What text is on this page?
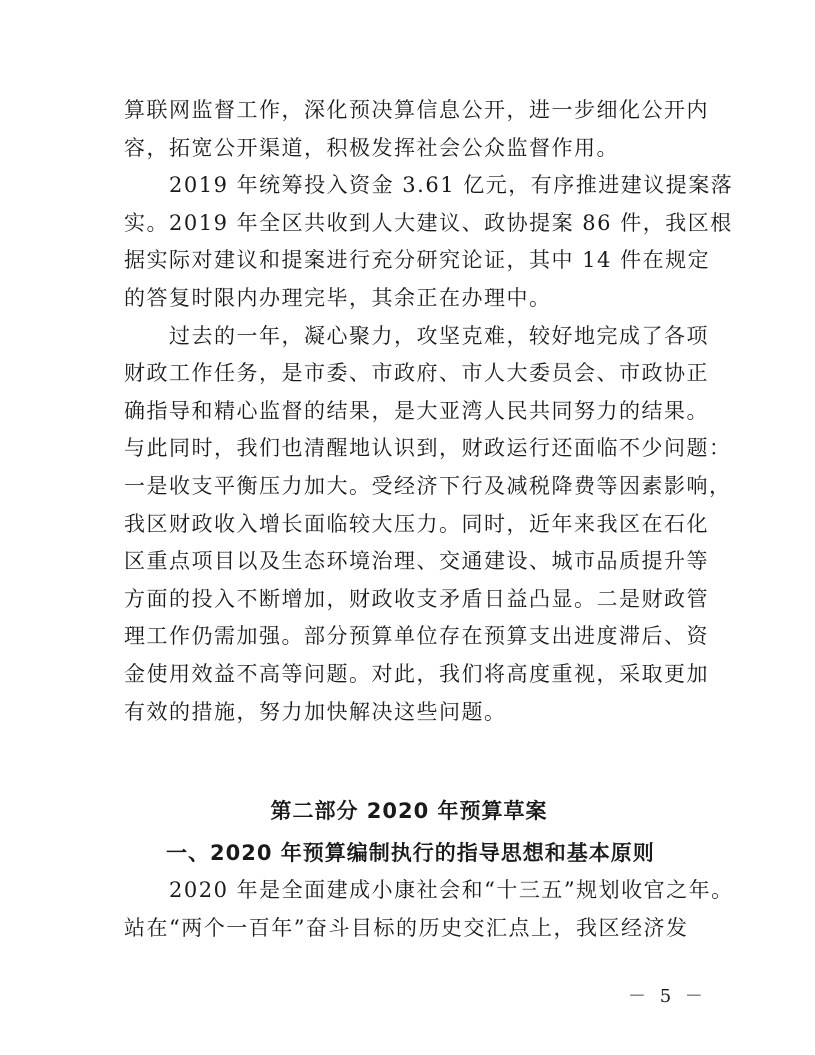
算联网监督工作，深化预决算信息公开，进一步细化公开内
容，拓宽公开渠道，积极发挥社会公众监督作用。

　　2019 年统筹投入资金 3.61 亿元，有序推进建议提案落
实。2019 年全区共收到人大建议、政协提案 86 件，我区根
据实际对建议和提案进行充分研究论证，其中 14 件在规定
的答复时限内办理完毕，其余正在办理中。

　　过去的一年，凝心聚力，攻坚克难，较好地完成了各项
财政工作任务，是市委、市政府、市人大委员会、市政协正
确指导和精心监督的结果，是大亚湾人民共同努力的结果。
与此同时，我们也清醒地认识到，财政运行还面临不少问题：
一是收支平衡压力加大。受经济下行及减税降费等因素影响，
我区财政收入增长面临较大压力。同时，近年来我区在石化
区重点项目以及生态环境治理、交通建设、城市品质提升等
方面的投入不断增加，财政收支矛盾日益凸显。二是财政管
理工作仍需加强。部分预算单位存在预算支出进度滞后、资
金使用效益不高等问题。对此，我们将高度重视，采取更加
有效的措施，努力加快解决这些问题。

第二部分 2020 年预算草案
一、2020 年预算编制执行的指导思想和基本原则

　　2020 年是全面建成小康社会和“十三五”规划收官之年。
站在“两个一百年”奋斗目标的历史交汇点上，我区经济发

－ 5 －
